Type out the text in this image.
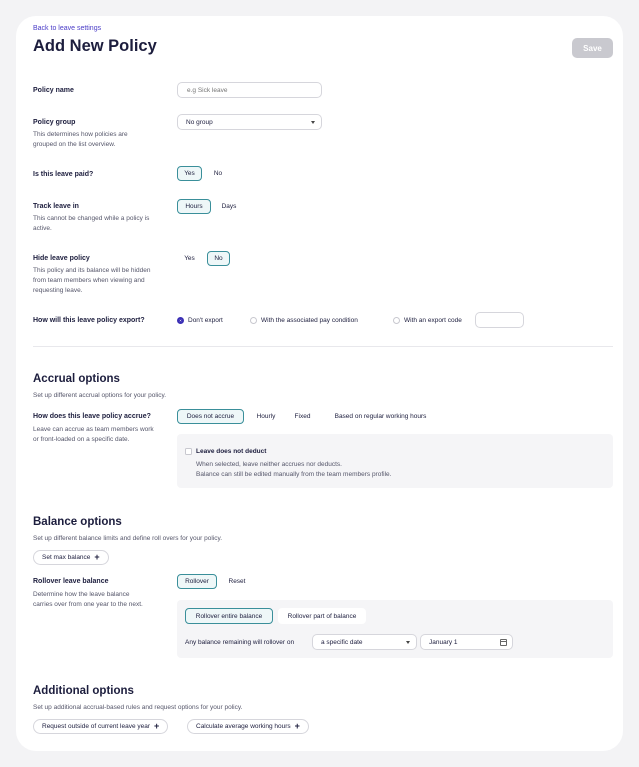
Back to leave settings
Add New Policy	Save
Policy name
e.g Sick leave
Policy group
This determines how policies are grouped on the list overview.
No group
Is this leave paid?	Yes	No
Track leave in
This cannot be changed while a policy is active.
Hours	Days
Hide leave policy
This policy and its balance will be hidden from team members when viewing and requesting leave.
Yes	No
How will this leave policy export?	Don't export	With the associated pay condition	With an export code
Accrual options
Set up different accrual options for your policy.
How does this leave policy accrue?
Leave can accrue as team members work or front-loaded on a specific date.
Does not accrue	Hourly	Fixed	Based on regular working hours
Leave does not deduct
When selected, leave neither accrues nor deducts.
Balance can still be edited manually from the team members profile.
Balance options
Set up different balance limits and define roll overs for your policy.
Set max balance +
Rollover leave balance
Determine how the leave balance carries over from one year to the next.
Rollover	Reset
Rollover entire balance	Rollover part of balance
Any balance remaining will rollover on	a specific date	January 1
Additional options
Set up additional accrual-based rules and request options for your policy.
Request outside of current leave year +	Calculate average working hours +
